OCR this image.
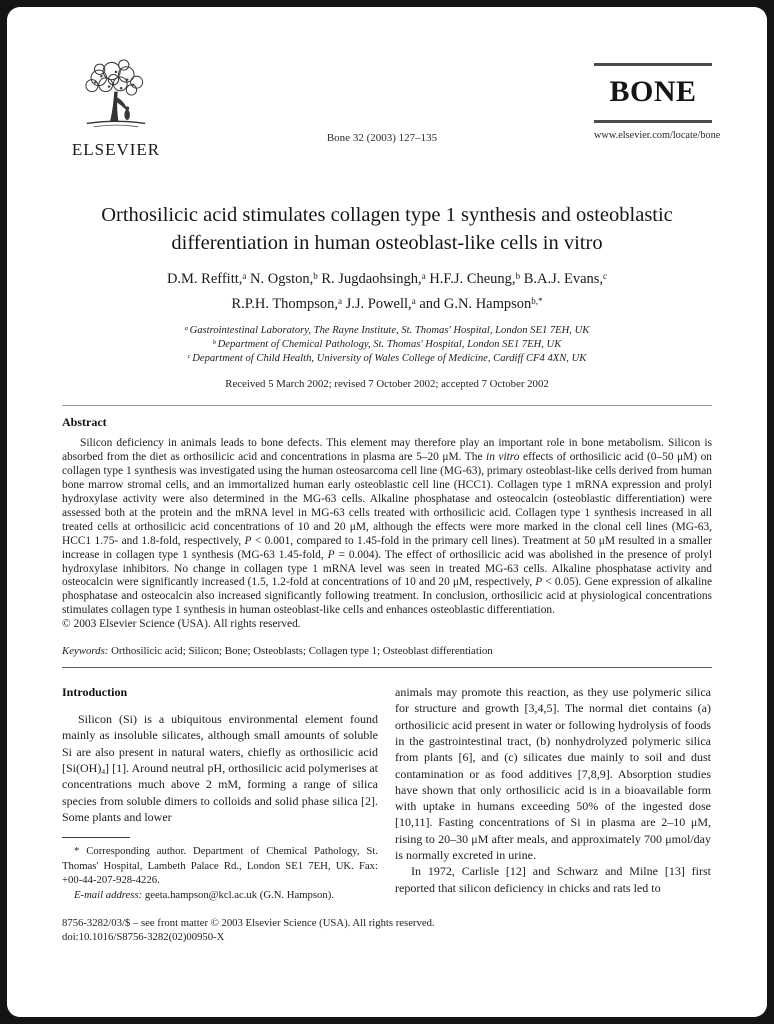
ELSEVIER
Bone 32 (2003) 127–135
BONE
www.elsevier.com/locate/bone
Orthosilicic acid stimulates collagen type 1 synthesis and osteoblastic differentiation in human osteoblast-like cells in vitro
D.M. Reffitt,$^a$ N. Ogston,$^b$ R. Jugdaohsingh,$^a$ H.F.J. Cheung,$^b$ B.A.J. Evans,$^c$
R.P.H. Thompson,$^a$ J.J. Powell,$^a$ and G.N. Hampson$^{b,*}$
$^a$ Gastrointestinal Laboratory, The Rayne Institute, St. Thomas' Hospital, London SE1 7EH, UK
$^b$ Department of Chemical Pathology, St. Thomas' Hospital, London SE1 7EH, UK
$^c$ Department of Child Health, University of Wales College of Medicine, Cardiff CF4 4XN, UK
Received 5 March 2002; revised 7 October 2002; accepted 7 October 2002
Abstract

Silicon deficiency in animals leads to bone defects. This element may therefore play an important role in bone metabolism. Silicon is absorbed from the diet as orthosilicic acid and concentrations in plasma are 5–20 μM. The in vitro effects of orthosilicic acid (0–50 μM) on collagen type 1 synthesis was investigated using the human osteosarcoma cell line (MG-63), primary osteoblast-like cells derived from human bone marrow stromal cells, and an immortalized human early osteoblastic cell line (HCC1). Collagen type 1 mRNA expression and prolyl hydroxylase activity were also determined in the MG-63 cells. Alkaline phosphatase and osteocalcin (osteoblastic differentiation) were assessed both at the protein and the mRNA level in MG-63 cells treated with orthosilicic acid. Collagen type 1 synthesis increased in all treated cells at orthosilicic acid concentrations of 10 and 20 μM, although the effects were more marked in the clonal cell lines (MG-63, HCC1 1.75- and 1.8-fold, respectively, P < 0.001, compared to 1.45-fold in the primary cell lines). Treatment at 50 μM resulted in a smaller increase in collagen type 1 synthesis (MG-63 1.45-fold, P = 0.004). The effect of orthosilicic acid was abolished in the presence of prolyl hydroxylase inhibitors. No change in collagen type 1 mRNA level was seen in treated MG-63 cells. Alkaline phosphatase activity and osteocalcin were significantly increased (1.5, 1.2-fold at concentrations of 10 and 20 μM, respectively, P < 0.05). Gene expression of alkaline phosphatase and osteocalcin also increased significantly following treatment. In conclusion, orthosilicic acid at physiological concentrations stimulates collagen type 1 synthesis in human osteoblast-like cells and enhances osteoblastic differentiation.

© 2003 Elsevier Science (USA). All rights reserved.

Keywords: Orthosilicic acid; Silicon; Bone; Osteoblasts; Collagen type 1; Osteoblast differentiation

Introduction

Silicon (Si) is a ubiquitous environmental element found mainly as insoluble silicates, although small amounts of soluble Si are also present in natural waters, chiefly as orthosilicic acid $[Si(OH)_4]$ [1]. Around neutral pH, orthosilicic acid polymerises at concentrations much above 2 mM, forming a range of silica species from soluble dimers to colloids and solid phase silica [2]. Some plants and lower

* Corresponding author. Department of Chemical Pathology, St. Thomas' Hospital, Lambeth Palace Rd., London SE1 7EH, UK. Fax: +00-44-207-928-4226.

E-mail address: geeta.hampson@kcl.ac.uk (G.N. Hampson).

animals may promote this reaction, as they use polymeric silica for structure and growth [3,4,5]. The normal diet contains (a) orthosilicic acid present in water or following hydrolysis of foods in the gastrointestinal tract, (b) nonhydrolyzed polymeric silica from plants [6], and (c) silicates due mainly to soil and dust contamination or as food additives [7,8,9]. Absorption studies have shown that only orthosilicic acid is in a bioavailable form with uptake in humans exceeding 50% of the ingested dose [10,11]. Fasting concentrations of Si in plasma are 2–10 μM, rising to 20–30 μM after meals, and approximately 700 μmol/day is normally excreted in urine.

In 1972, Carlisle [12] and Schwarz and Milne [13] first reported that silicon deficiency in chicks and rats led to

8756-3282/03/$ – see front matter © 2003 Elsevier Science (USA). All rights reserved.
doi:10.1016/S8756-3282(02)00950-X
